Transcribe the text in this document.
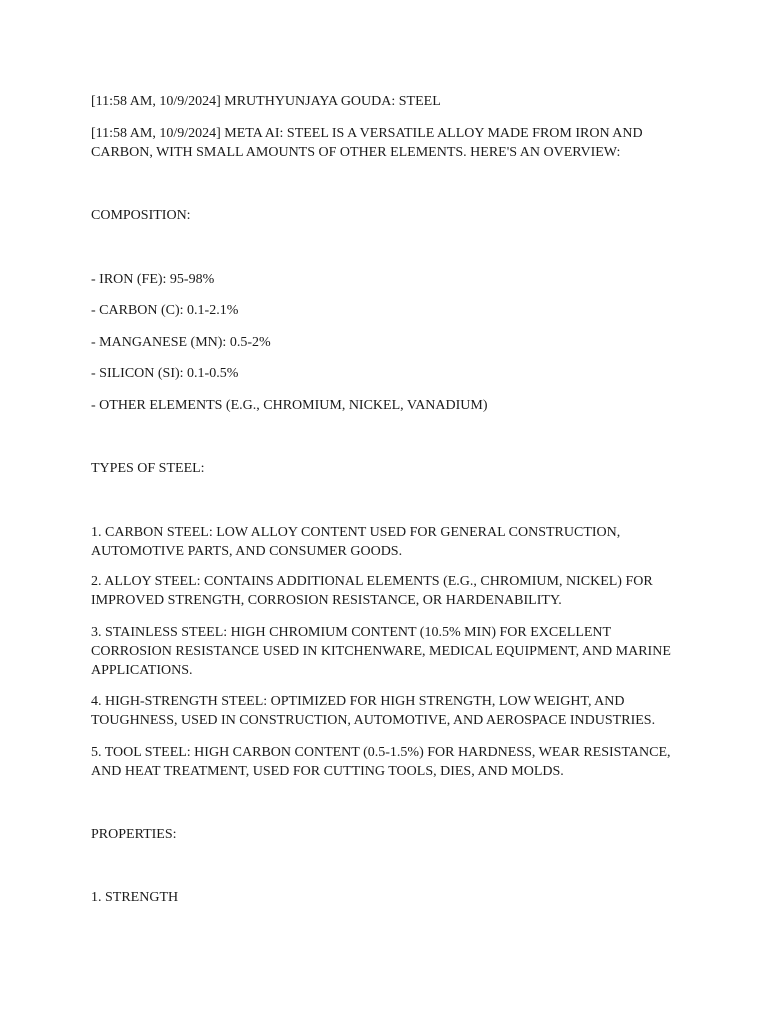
[11:58 AM, 10/9/2024] MRUTHYUNJAYA GOUDA: STEEL
[11:58 AM, 10/9/2024] META AI: STEEL IS A VERSATILE ALLOY MADE FROM IRON AND CARBON, WITH SMALL AMOUNTS OF OTHER ELEMENTS. HERE'S AN OVERVIEW:
COMPOSITION:
- IRON (FE): 95-98%
- CARBON (C): 0.1-2.1%
- MANGANESE (MN): 0.5-2%
- SILICON (SI): 0.1-0.5%
- OTHER ELEMENTS (E.G., CHROMIUM, NICKEL, VANADIUM)
TYPES OF STEEL:
1. CARBON STEEL: LOW ALLOY CONTENT USED FOR GENERAL CONSTRUCTION, AUTOMOTIVE PARTS, AND CONSUMER GOODS.
2. ALLOY STEEL: CONTAINS ADDITIONAL ELEMENTS (E.G., CHROMIUM, NICKEL) FOR IMPROVED STRENGTH, CORROSION RESISTANCE, OR HARDENABILITY.
3. STAINLESS STEEL: HIGH CHROMIUM CONTENT (10.5% MIN) FOR EXCELLENT CORROSION RESISTANCE USED IN KITCHENWARE, MEDICAL EQUIPMENT, AND MARINE APPLICATIONS.
4. HIGH-STRENGTH STEEL: OPTIMIZED FOR HIGH STRENGTH, LOW WEIGHT, AND TOUGHNESS, USED IN CONSTRUCTION, AUTOMOTIVE, AND AEROSPACE INDUSTRIES.
5. TOOL STEEL: HIGH CARBON CONTENT (0.5-1.5%) FOR HARDNESS, WEAR RESISTANCE, AND HEAT TREATMENT, USED FOR CUTTING TOOLS, DIES, AND MOLDS.
PROPERTIES:
1. STRENGTH
